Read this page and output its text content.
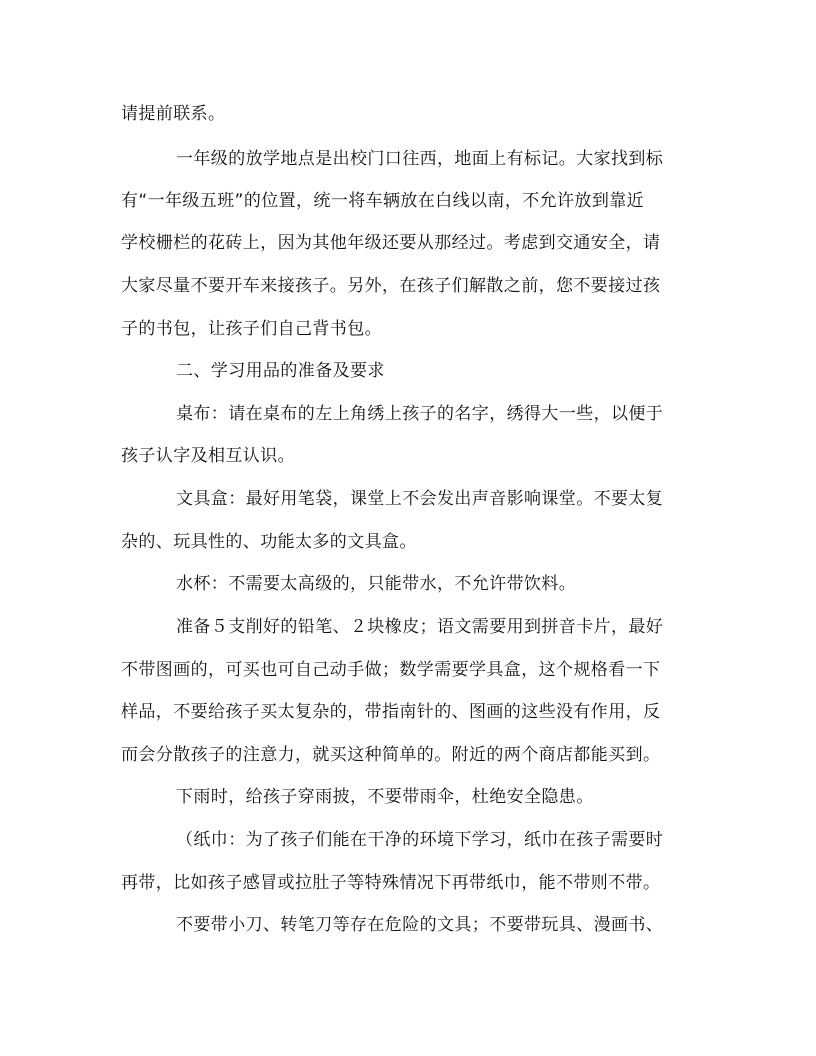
请提前联系。
一年级的放学地点是出校门口往西，地面上有标记。大家找到标
有“一年级五班”的位置，统一将车辆放在白线以南，不允许放到靠近
学校栅栏的花砖上，因为其他年级还要从那经过。考虑到交通安全，请
大家尽量不要开车来接孩子。另外，在孩子们解散之前，您不要接过孩
子的书包，让孩子们自己背书包。
二、学习用品的准备及要求
桌布：请在桌布的左上角绣上孩子的名字，绣得大一些，以便于
孩子认字及相互认识。
文具盒：最好用笔袋，课堂上不会发出声音影响课堂。不要太复
杂的、玩具性的、功能太多的文具盒。
水杯：不需要太高级的，只能带水，不允许带饮料。
准备５支削好的铅笔、２块橡皮；语文需要用到拼音卡片，最好
不带图画的，可买也可自己动手做；数学需要学具盒，这个规格看一下
样品，不要给孩子买太复杂的，带指南针的、图画的这些没有作用，反
而会分散孩子的注意力，就买这种简单的。附近的两个商店都能买到。
下雨时，给孩子穿雨披，不要带雨伞，杜绝安全隐患。
（纸巾：为了孩子们能在干净的环境下学习，纸巾在孩子需要时
再带，比如孩子感冒或拉肚子等特殊情况下再带纸巾，能不带则不带。
不要带小刀、转笔刀等存在危险的文具；不要带玩具、漫画书、
